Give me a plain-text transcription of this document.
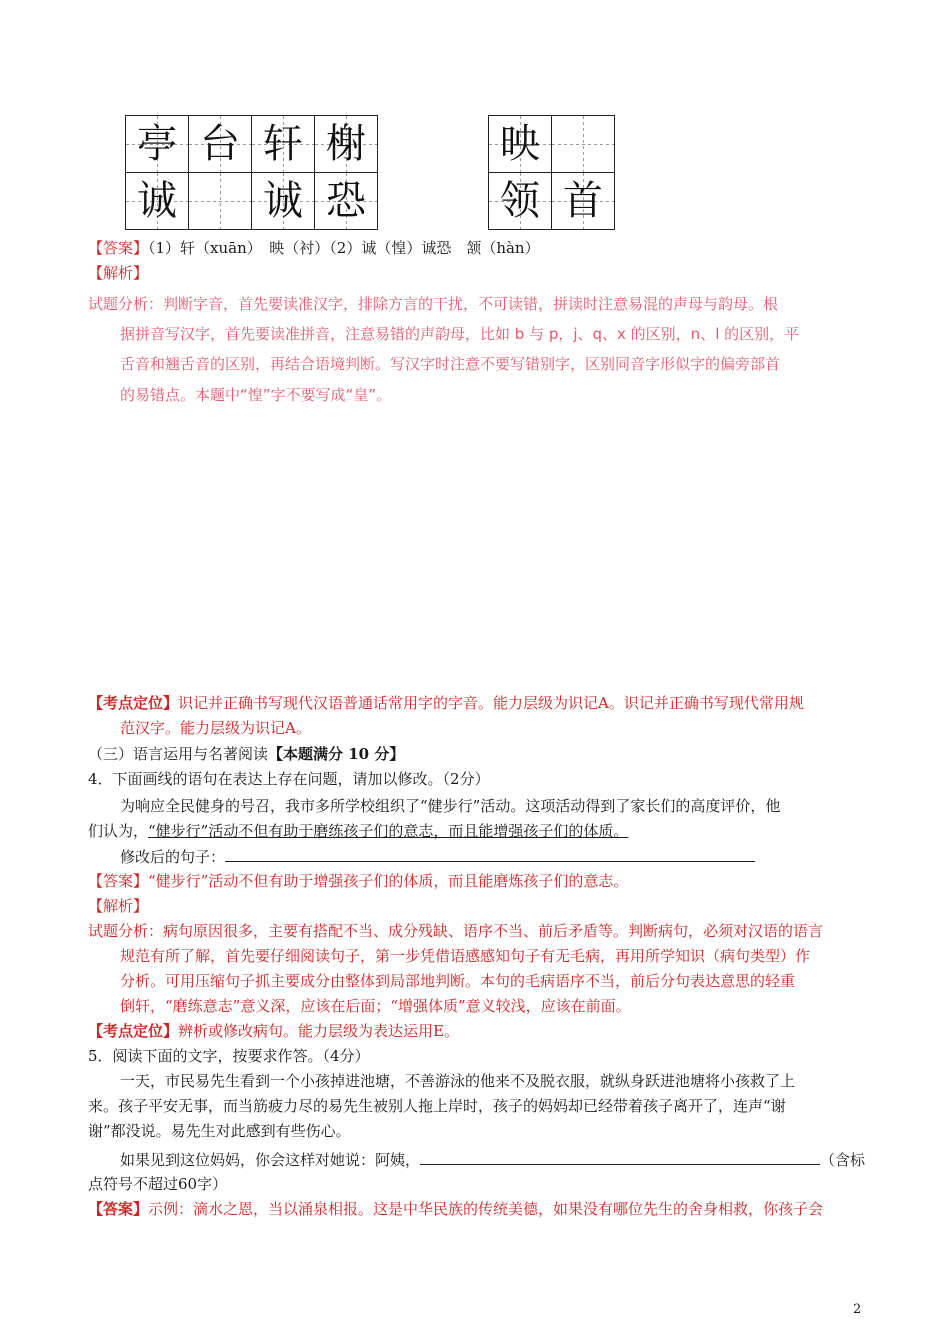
亭	台	轩	榭
诚		诚	恐
映	
领	首
【答案】（1）轩（xuān）　映（衬）（2）诚（惶）诚恐　颔（hàn）
【解析】
试题分析：判断字音，首先要读准汉字，排除方言的干扰，不可读错，拼读时注意易混的声母与韵母。根
据拼音写汉字，首先要读准拼音，注意易错的声韵母，比如 b 与 p，j、q、x 的区别，n、l 的区别，平
舌音和翘舌音的区别，再结合语境判断。写汉字时注意不要写错别字，区别同音字形似字的偏旁部首
的易错点。本题中“惶”字不要写成“皇”。
【考点定位】识记并正确书写现代汉语普通话常用字的字音。能力层级为识记A。识记并正确书写现代常用规
范汉字。能力层级为识记A。
（三）语言运用与名著阅读【本题满分 10 分】
4．下面画线的语句在表达上存在问题，请加以修改。（2分）
为响应全民健身的号召，我市多所学校组织了“健步行”活动。这项活动得到了家长们的高度评价，他
们认为，“健步行”活动不但有助于磨练孩子们的意志，而且能增强孩子们的体质。
修改后的句子：
【答案】“健步行”活动不但有助于增强孩子们的体质，而且能磨炼孩子们的意志。
【解析】
试题分析：病句原因很多，主要有搭配不当、成分残缺、语序不当、前后矛盾等。判断病句，必须对汉语的语言
规范有所了解，首先要仔细阅读句子，第一步凭借语感感知句子有无毛病，再用所学知识（病句类型）作
分析。可用压缩句子抓主要成分由整体到局部地判断。本句的毛病语序不当，前后分句表达意思的轻重
倒轩，“磨练意志”意义深，应该在后面；“增强体质”意义较浅，应该在前面。
【考点定位】辨析或修改病句。能力层级为表达运用E。
5．阅读下面的文字，按要求作答。（4分）
一天，市民易先生看到一个小孩掉进池塘，不善游泳的他来不及脱衣服，就纵身跃进池塘将小孩救了上
来。孩子平安无事，而当筋疲力尽的易先生被别人拖上岸时，孩子的妈妈却已经带着孩子离开了，连声“谢
谢”都没说。易先生对此感到有些伤心。
如果见到这位妈妈，你会这样对她说：阿姨，	（含标
点符号不超过60字）
【答案】示例：滴水之恩，当以涌泉相报。这是中华民族的传统美德，如果没有哪位先生的舍身相救，你孩子会
2
